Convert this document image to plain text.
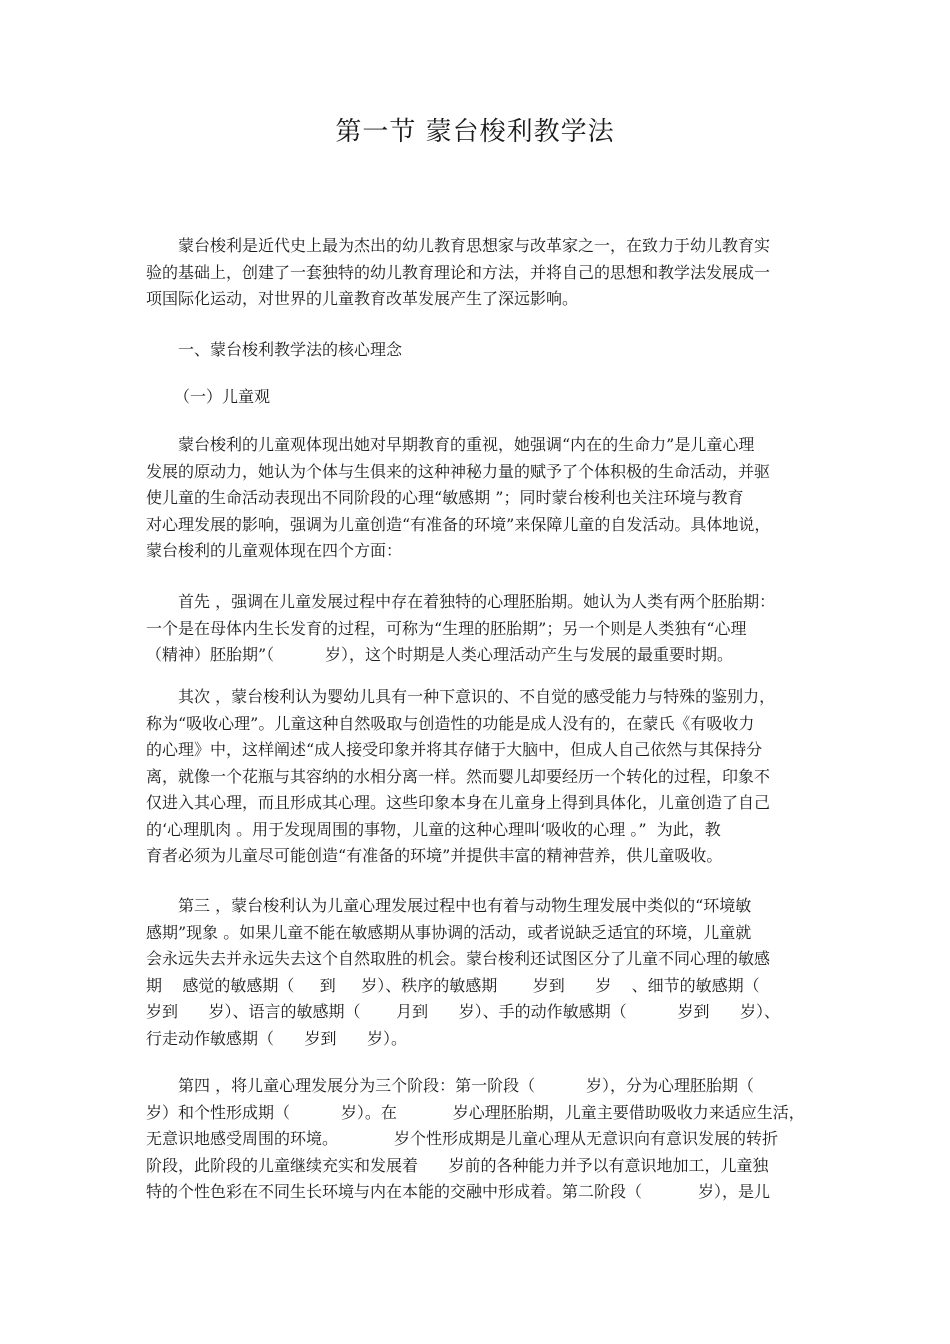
第一节 蒙台梭利教学法
蒙台梭利是近代史上最为杰出的幼儿教育思想家与改革家之一，在致力于幼儿教育实
验的基础上，创建了一套独特的幼儿教育理论和方法，并将自己的思想和教学法发展成一
项国际化运动，对世界的儿童教育改革发展产生了深远影响。
一、蒙台梭利教学法的核心理念
（一）儿童观
蒙台梭利的儿童观体现出她对早期教育的重视，她强调“内在的生命力”是儿童心理
发展的原动力，她认为个体与生俱来的这种神秘力量的赋予了个体积极的生命活动，并驱
使儿童的生命活动表现出不同阶段的心理“敏感期 ”；同时蒙台梭利也关注环境与教育
对心理发展的影响，强调为儿童创造“有准备的环境”来保障儿童的自发活动。具体地说，
蒙台梭利的儿童观体现在四个方面：
首先 ，强调在儿童发展过程中存在着独特的心理胚胎期。她认为人类有两个胚胎期：
一个是在母体内生长发育的过程，可称为“生理的胚胎期”；另一个则是人类独有“心理
（精神）胚胎期”（          岁），这个时期是人类心理活动产生与发展的最重要时期。
其次 ，蒙台梭利认为婴幼儿具有一种下意识的、不自觉的感受能力与特殊的鉴别力，
称为“吸收心理”。儿童这种自然吸取与创造性的功能是成人没有的，在蒙氏《有吸收力
的心理》中，这样阐述“成人接受印象并将其存储于大脑中，但成人自己依然与其保持分
离，就像一个花瓶与其容纳的水相分离一样。然而婴儿却要经历一个转化的过程，印象不
仅进入其心理，而且形成其心理。这些印象本身在儿童身上得到具体化，儿童创造了自己
的‘心理肌肉 。用于发现周围的事物，儿童的这种心理叫‘吸收的心理 。”  为此，教
育者必须为儿童尽可能创造“有准备的环境”并提供丰富的精神营养，供儿童吸收。
第三 ，蒙台梭利认为儿童心理发展过程中也有着与动物生理发展中类似的“环境敏
感期”现象 。如果儿童不能在敏感期从事协调的活动，或者说缺乏适宜的环境，儿童就
会永远失去并永远失去这个自然取胜的机会。蒙台梭利还试图区分了儿童不同心理的敏感
期    感觉的敏感期（     到     岁）、秩序的敏感期       岁到      岁    、细节的敏感期（
岁到      岁）、语言的敏感期（       月到      岁）、手的动作敏感期（          岁到      岁）、
行走动作敏感期（      岁到      岁）。
第四 ，将儿童心理发展分为三个阶段：第一阶段（          岁），分为心理胚胎期（
岁）和个性形成期（          岁）。在           岁心理胚胎期，儿童主要借助吸收力来适应生活，
无意识地感受周围的环境。           岁个性形成期是儿童心理从无意识向有意识发展的转折
阶段，此阶段的儿童继续充实和发展着      岁前的各种能力并予以有意识地加工，儿童独
特的个性色彩在不同生长环境与内在本能的交融中形成着。第二阶段（           岁），是儿
